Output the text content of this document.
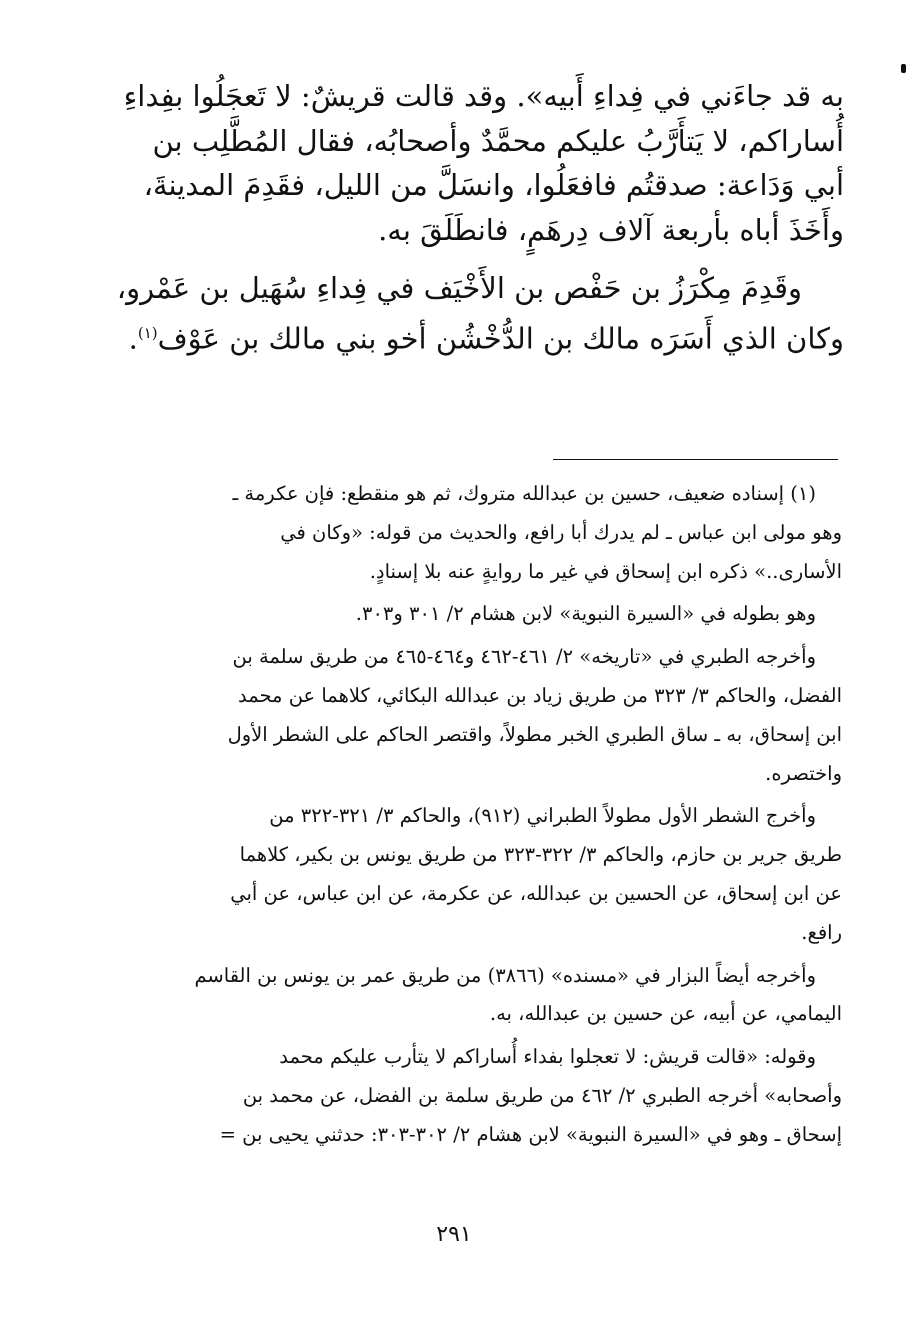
به قد جاءَني في فِداءِ أَبيه». وقد قالت قريشٌ: لا تَعجَلُوا بفِداءِ

أُساراكم، لا يَتأَرَّبُ عليكم محمَّدٌ وأصحابُه، فقال المُطَّلِب بن

أبي وَدَاعة: صدقتُم فافعَلُوا، وانسَلَّ من الليل، فقَدِمَ المدينةَ،

وأَخَذَ أباه بأربعة آلاف دِرهَمٍ، فانطَلَقَ به.

وقَدِمَ مِكْرَزُ بن حَفْص بن الأَخْيَف في فِداءِ سُهَيل بن عَمْرو،

وكان الذي أَسَرَه مالك بن الدُّخْشُن أخو بني مالك بن عَوْف$^{(١)}$.

(١) إسناده ضعيف، حسين بن عبدالله متروك، ثم هو منقطع: فإن عكرمة ـ

وهو مولى ابن عباس ـ لم يدرك أبا رافع، والحديث من قوله: «وكان في

الأسارى..» ذكره ابن إسحاق في غير ما روايةٍ عنه بلا إسنادٍ.

وهو بطوله في «السيرة النبوية» لابن هشام ٢/ ٣٠١ و٣٠٣.

وأخرجه الطبري في «تاريخه» ٢/ ٤٦١-٤٦٢ و٤٦٤-٤٦٥ من طريق سلمة بن

الفضل، والحاكم ٣/ ٣٢٣ من طريق زياد بن عبدالله البكائي، كلاهما عن محمد

ابن إسحاق، به ـ ساق الطبري الخبر مطولاً، واقتصر الحاكم على الشطر الأول

واختصره.

وأخرج الشطر الأول مطولاً الطبراني (٩١٢)، والحاكم ٣/ ٣٢١-٣٢٢ من

طريق جرير بن حازم، والحاكم ٣/ ٣٢٢-٣٢٣ من طريق يونس بن بكير، كلاهما

عن ابن إسحاق، عن الحسين بن عبدالله، عن عكرمة، عن ابن عباس، عن أبي

رافع.

وأخرجه أيضاً البزار في «مسنده» (٣٨٦٦) من طريق عمر بن يونس بن القاسم

اليمامي، عن أبيه، عن حسين بن عبدالله، به.

وقوله: «قالت قريش: لا تعجلوا بفداء أُساراكم لا يتأرب عليكم محمد

وأصحابه» أخرجه الطبري ٢/ ٤٦٢ من طريق سلمة بن الفضل، عن محمد بن

إسحاق ـ وهو في «السيرة النبوية» لابن هشام ٢/ ٣٠٢-٣٠٣: حدثني يحيى بن =

٢٩١
